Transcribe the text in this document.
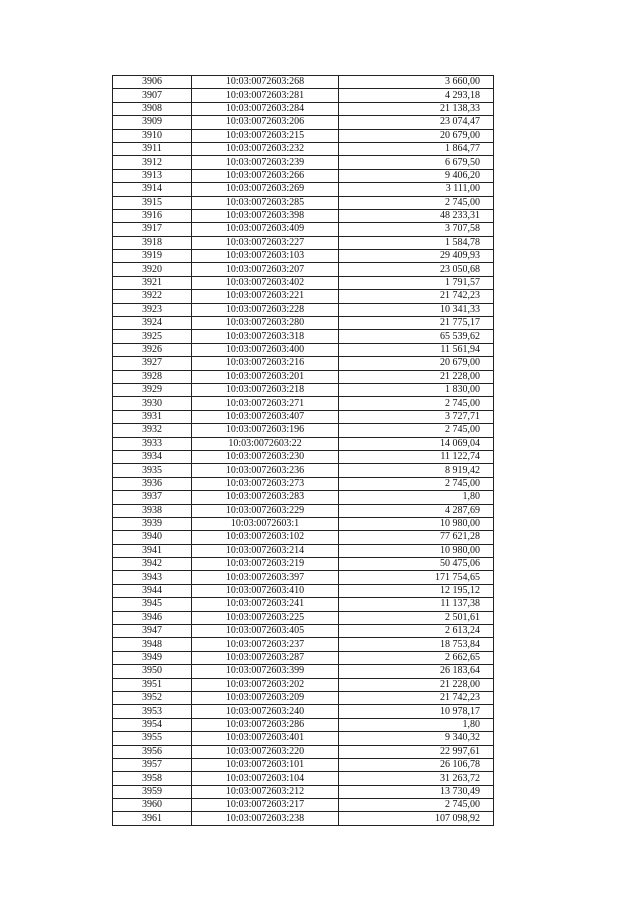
3906	10:03:0072603:268	3 660,00
3907	10:03:0072603:281	4 293,18
3908	10:03:0072603:284	21 138,33
3909	10:03:0072603:206	23 074,47
3910	10:03:0072603:215	20 679,00
3911	10:03:0072603:232	1 864,77
3912	10:03:0072603:239	6 679,50
3913	10:03:0072603:266	9 406,20
3914	10:03:0072603:269	3 111,00
3915	10:03:0072603:285	2 745,00
3916	10:03:0072603:398	48 233,31
3917	10:03:0072603:409	3 707,58
3918	10:03:0072603:227	1 584,78
3919	10:03:0072603:103	29 409,93
3920	10:03:0072603:207	23 050,68
3921	10:03:0072603:402	1 791,57
3922	10:03:0072603:221	21 742,23
3923	10:03:0072603:228	10 341,33
3924	10:03:0072603:280	21 775,17
3925	10:03:0072603:318	65 539,62
3926	10:03:0072603:400	11 561,94
3927	10:03:0072603:216	20 679,00
3928	10:03:0072603:201	21 228,00
3929	10:03:0072603:218	1 830,00
3930	10:03:0072603:271	2 745,00
3931	10:03:0072603:407	3 727,71
3932	10:03:0072603:196	2 745,00
3933	10:03:0072603:22	14 069,04
3934	10:03:0072603:230	11 122,74
3935	10:03:0072603:236	8 919,42
3936	10:03:0072603:273	2 745,00
3937	10:03:0072603:283	1,80
3938	10:03:0072603:229	4 287,69
3939	10:03:0072603:1	10 980,00
3940	10:03:0072603:102	77 621,28
3941	10:03:0072603:214	10 980,00
3942	10:03:0072603:219	50 475,06
3943	10:03:0072603:397	171 754,65
3944	10:03:0072603:410	12 195,12
3945	10:03:0072603:241	11 137,38
3946	10:03:0072603:225	2 501,61
3947	10:03:0072603:405	2 613,24
3948	10:03:0072603:237	18 753,84
3949	10:03:0072603:287	2 662,65
3950	10:03:0072603:399	26 183,64
3951	10:03:0072603:202	21 228,00
3952	10:03:0072603:209	21 742,23
3953	10:03:0072603:240	10 978,17
3954	10:03:0072603:286	1,80
3955	10:03:0072603:401	9 340,32
3956	10:03:0072603:220	22 997,61
3957	10:03:0072603:101	26 106,78
3958	10:03:0072603:104	31 263,72
3959	10:03:0072603:212	13 730,49
3960	10:03:0072603:217	2 745,00
3961	10:03:0072603:238	107 098,92
